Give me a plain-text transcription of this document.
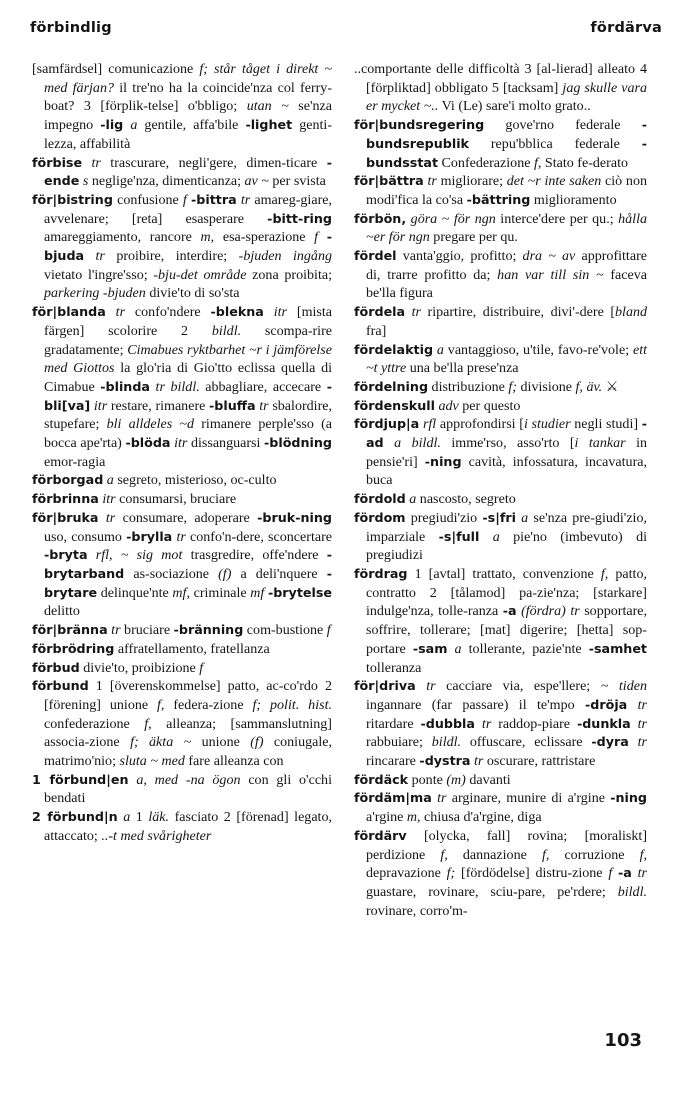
förbindlig	fördärva

[samfärdsel] comunicazione f; står tåget i direkt ~ med färjan? il tre'no ha la coincide'nza col ferry-boat? 3 [förplik-telse] o'bbligo; utan ~ se'nza impegno -lig a gentile, affa'bile -lighet genti-lezza, affabilità

förbise tr trascurare, negli'gere, dimen-ticare -ende s neglige'nza, dimenticanza; av ~ per svista

för|bistring confusione f -bittra tr amareg-giare, avvelenare; [reta] esasperare -bitt-ring amareggiamento, rancore m, esa-sperazione f -bjuda tr proibire, interdire; -bjuden ingång vietato l'ingre'sso; -bju-det område zona proibita; parkering -bjuden divie'to di so'sta

för|blanda tr confo'ndere -blekna itr [mista färgen] scolorire 2 bildl. scompa-rire gradatamente; Cimabues ryktbarhet ~r i jämförelse med Giottos la glo'ria di Gio'tto eclissa quella di Cimabue -blinda tr bildl. abbagliare, accecare -bli[va] itr restare, rimanere -bluffa tr sbalordire, stupefare; bli alldeles ~d rimanere perple'sso (a bocca ape'rta) -blöda itr dissanguarsi -blödning emor-ragia

förborgad a segreto, misterioso, oc-culto

förbrinna itr consumarsi, bruciare

för|bruka tr consumare, adoperare -bruk-ning uso, consumo -brylla tr confo'n-dere, sconcertare -bryta rfl, ~ sig mot trasgredire, offe'ndere -brytarband as-sociazione (f) a deli'nquere -brytare delinque'nte mf, criminale mf -brytelse delitto

för|bränna tr bruciare -bränning com-bustione f

förbrödring affratellamento, fratellanza

förbud divie'to, proibizione f

förbund 1 [överenskommelse] patto, ac-co'rdo 2 [förening] unione f, federa-zione f; polit. hist. confederazione f, alleanza; [sammanslutning] associa-zione f; äkta ~ unione (f) coniugale, matrimo'nio; sluta ~ med fare alleanza con

1 förbund|en a, med -na ögon con gli o'cchi bendati

2 förbund|n a 1 läk. fasciato 2 [förenad] legato, attaccato; ..-t med svårigheter

..comportante delle difficoltà 3 [al-lierad] alleato 4 [förpliktad] obbligato 5 [tacksam] jag skulle vara er mycket ~.. Vi (Le) sare'i molto grato..

för|bundsregering gove'rno federale -bundsrepublik repu'bblica federale -bundsstat Confederazione f, Stato fe-derato

för|bättra tr migliorare; det ~r inte saken ciò non modi'fica la co'sa -bättring miglioramento

förbön, göra ~ för ngn interce'dere per qu.; hålla ~er för ngn pregare per qu.

fördel vanta'ggio, profitto; dra ~ av approfittare di, trarre profitto da; han var till sin ~ faceva be'lla figura

fördela tr ripartire, distribuire, divi'-dere [bland fra]

fördelaktig a vantaggioso, u'tile, favo-re'vole; ett ~t yttre una be'lla prese'nza

fördelning distribuzione f; divisione f, äv. ⚔

fördenskull adv per questo

fördjup|a rfl approfondirsi [i studier negli studi] -ad a bildl. imme'rso, asso'rto [i tankar in pensie'ri] -ning cavità, infossatura, incavatura, buca

fördold a nascosto, segreto

fördom pregiudi'zio -s|fri a se'nza pre-giudi'zio, imparziale -s|full a pie'no (imbevuto) di pregiudizi

fördrag 1 [avtal] trattato, convenzione f, patto, contratto 2 [tålamod] pa-zie'nza; [starkare] indulge'nza, tolle-ranza -a (fördra) tr sopportare, soffrire, tollerare; [mat] digerire; [hetta] sop-portare -sam a tollerante, pazie'nte -samhet tolleranza

för|driva tr cacciare via, espe'llere; ~ tiden ingannare (far passare) il te'mpo -dröja tr ritardare -dubbla tr raddop-piare -dunkla tr rabbuiare; bildl. offuscare, eclissare -dyra tr rincarare -dystra tr oscurare, rattristare

fördäck ponte (m) davanti

fördäm|ma tr arginare, munire di a'rgine -ning a'rgine m, chiusa d'a'rgine, diga

fördärv [olycka, fall] rovina; [moraliskt] perdizione f, dannazione f, corruzione f, depravazione f; [fördödelse] distru-zione f -a tr guastare, rovinare, sciu-pare, pe'rdere; bildl. rovinare, corro'm-

103
